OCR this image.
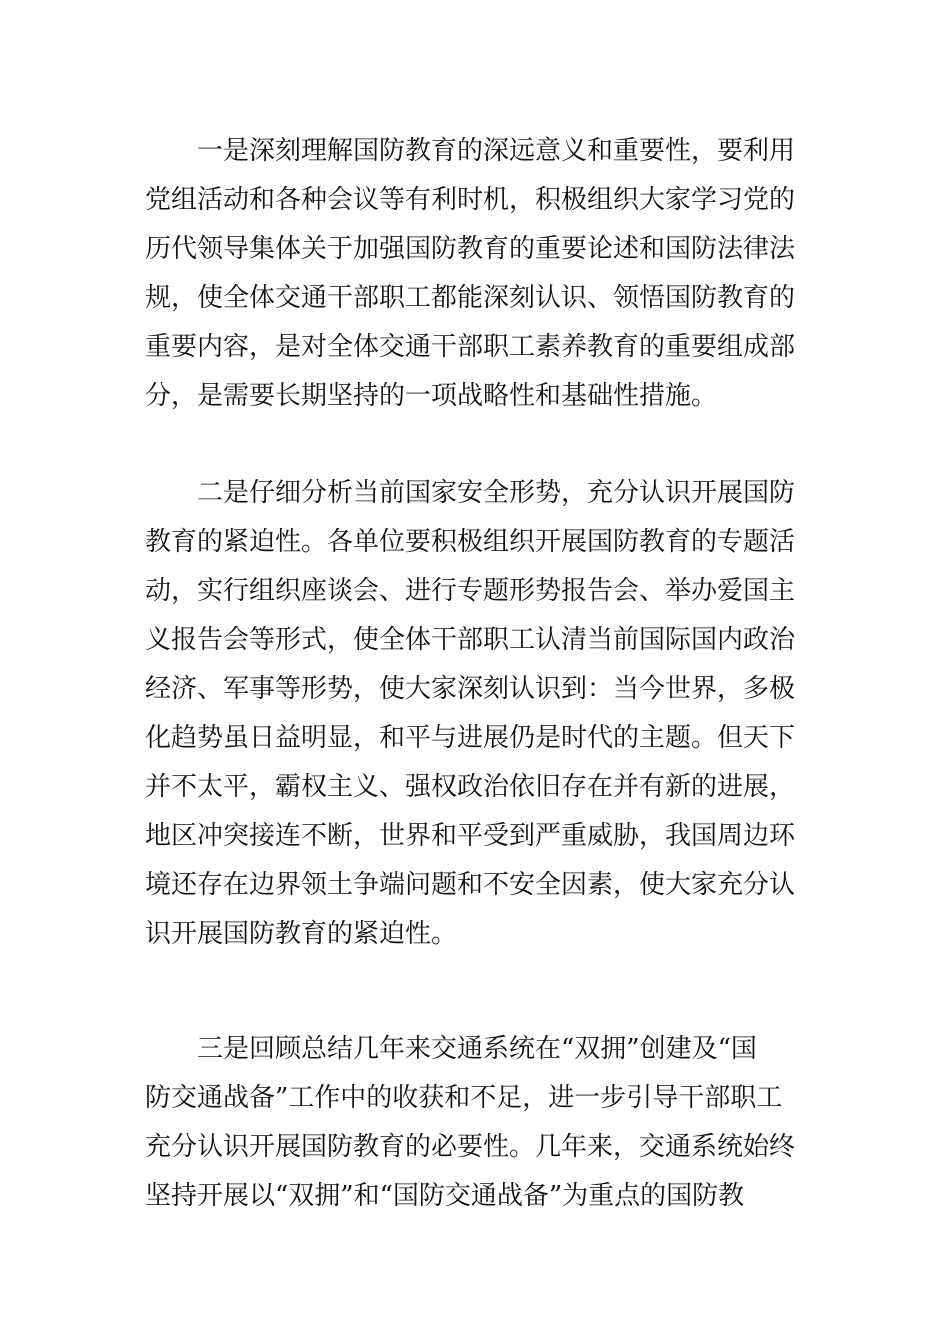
一是深刻理解国防教育的深远意义和重要性，要利用
党组活动和各种会议等有利时机，积极组织大家学习党的
历代领导集体关于加强国防教育的重要论述和国防法律法
规，使全体交通干部职工都能深刻认识、领悟国防教育的
重要内容，是对全体交通干部职工素养教育的重要组成部
分，是需要长期坚持的一项战略性和基础性措施。
二是仔细分析当前国家安全形势，充分认识开展国防
教育的紧迫性。各单位要积极组织开展国防教育的专题活
动，实行组织座谈会、进行专题形势报告会、举办爱国主
义报告会等形式，使全体干部职工认清当前国际国内政治
经济、军事等形势，使大家深刻认识到：当今世界，多极
化趋势虽日益明显，和平与进展仍是时代的主题。但天下
并不太平，霸权主义、强权政治依旧存在并有新的进展，
地区冲突接连不断，世界和平受到严重威胁，我国周边环
境还存在边界领土争端问题和不安全因素，使大家充分认
识开展国防教育的紧迫性。
三是回顾总结几年来交通系统在“双拥”创建及“国
防交通战备”工作中的收获和不足，进一步引导干部职工
充分认识开展国防教育的必要性。几年来，交通系统始终
坚持开展以“双拥”和“国防交通战备”为重点的国防教
